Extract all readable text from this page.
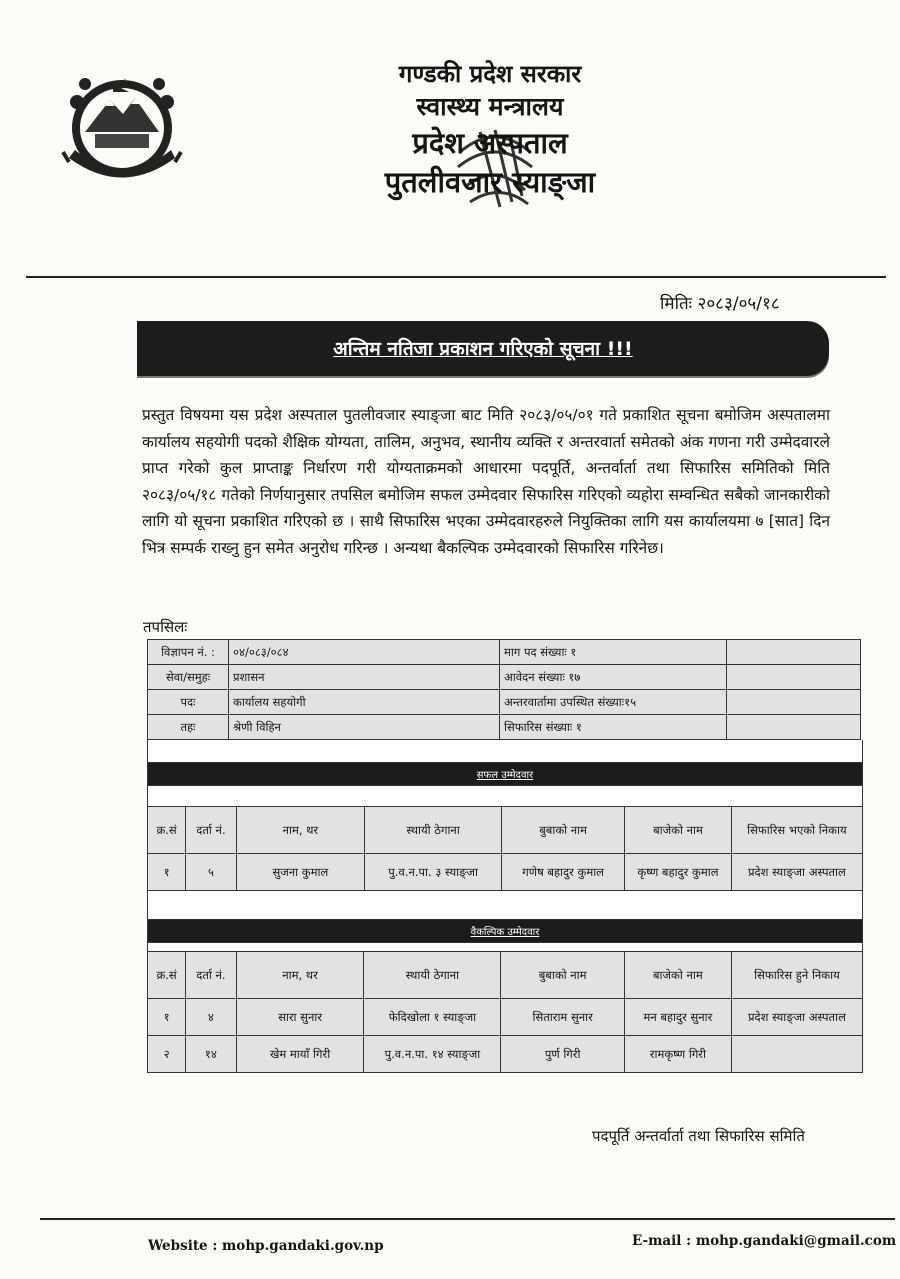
गण्डकी प्रदेश सरकार
स्वास्थ्य मन्त्रालय
प्रदेश अस्पताल
पुतलीवजार स्याङ्जा
मितिः २०८३/०५/१८
अन्तिम नतिजा प्रकाशन गरिएको सूचना !!!
प्रस्तुत विषयमा यस प्रदेश अस्पताल पुतलीवजार स्याङ्जा बाट मिति २०८३/०५/०१ गते प्रकाशित सूचना बमोजिम अस्पतालमा कार्यालय सहयोगी पदको शैक्षिक योग्यता, तालिम, अनुभव, स्थानीय व्यक्ति र अन्तरवार्ता समेतको अंक गणना गरी उम्मेदवारले प्राप्त गरेको कुल प्राप्ताङ्क निर्धारण गरी योग्यताक्रमको आधारमा पदपूर्ति, अन्तर्वार्ता तथा सिफारिस समितिको मिति २०८३/०५/१८ गतेको निर्णयानुसार तपसिल बमोजिम सफल उम्मेदवार सिफारिस गरिएको व्यहोरा सम्वन्धित सबैको जानकारीको लागि यो सूचना प्रकाशित गरिएको छ । साथै सिफारिस भएका उम्मेदवारहरुले नियुक्तिका लागि यस कार्यालयमा ७ [सात] दिन भित्र सम्पर्क राख्नु हुन समेत अनुरोध गरिन्छ । अन्यथा बैकल्पिक उम्मेदवारको सिफारिस गरिनेछ।
तपसिलः
विज्ञापन नं. :	०४/०८३/०८४	माग पद संख्याः १	
सेवा/समुहः	प्रशासन	आवेदन संख्याः १७	
पदः	कार्यालय सहयोगी	अन्तरवार्तामा उपस्थित संख्याः१५	
तहः	श्रेणी विहिन	सिफारिस संख्याः १	
सफल उम्मेदवार
क्र.सं	दर्ता नं.	नाम, थर	स्थायी ठेगाना	बुबाको नाम	बाजेको नाम	सिफारिस भएको निकाय
१	५	सुजना कुमाल	पु.व.न.पा. ३ स्याङ्जा	गणेष बहादुर कुमाल	कृष्ण बहादुर कुमाल	प्रदेश स्याङ्जा अस्पताल
वैकल्पिक उम्मेदवार
क्र.सं	दर्ता नं.	नाम, थर	स्थायी ठेगाना	बुबाको नाम	बाजेको नाम	सिफारिस हुने निकाय
१	४	सारा सुनार	फेदिखोला १ स्याङ्जा	सिताराम सुनार	मन बहादुर सुनार	प्रदेश स्याङ्जा अस्पताल
२	१४	खेम मायाँ गिरी	पु.व.न.पा. १४ स्याङ्जा	पुर्ण गिरी	रामकृष्ण गिरी	
पदपूर्ति अन्तर्वार्ता तथा सिफारिस समिति
Website : mohp.gandaki.gov.np	E-mail : mohp.gandaki@gmail.com
